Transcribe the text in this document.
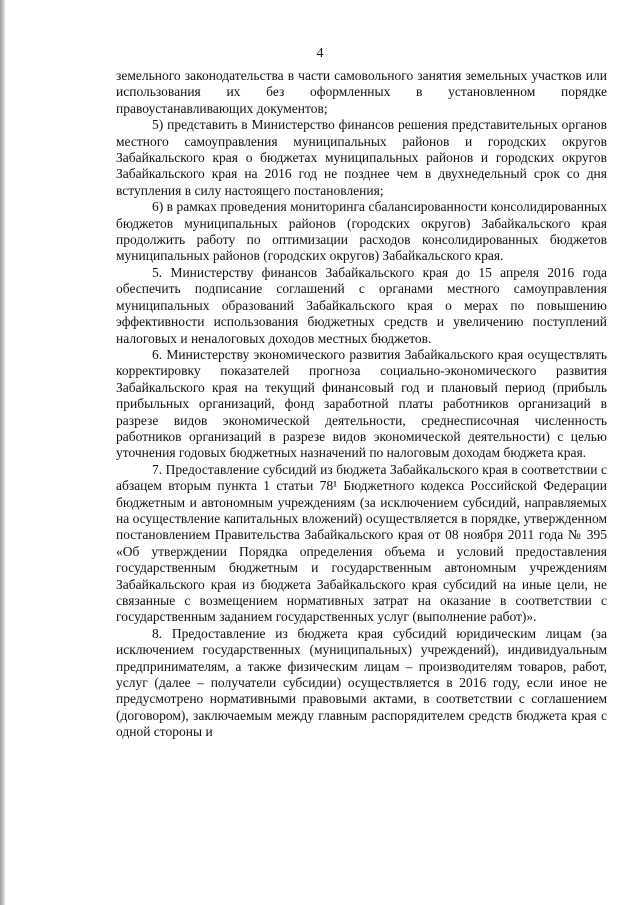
4

земельного законодательства в части самовольного занятия земельных участков или использования их без оформленных в установленном порядке правоустанавливающих документов;

5) представить в Министерство финансов решения представительных органов местного самоуправления муниципальных районов и городских округов Забайкальского края о бюджетах муниципальных районов и городских округов Забайкальского края на 2016 год не позднее чем в двухнедельный срок со дня вступления в силу настоящего постановления;

6) в рамках проведения мониторинга сбалансированности консолидированных бюджетов муниципальных районов (городских округов) Забайкальского края продолжить работу по оптимизации расходов консолидированных бюджетов муниципальных районов (городских округов) Забайкальского края.

5. Министерству финансов Забайкальского края до 15 апреля 2016 года обеспечить подписание соглашений с органами местного самоуправления муниципальных образований Забайкальского края о мерах по повышению эффективности использования бюджетных средств и увеличению поступлений налоговых и неналоговых доходов местных бюджетов.

6. Министерству экономического развития Забайкальского края осуществлять корректировку показателей прогноза социально-экономического развития Забайкальского края на текущий финансовый год и плановый период (прибыль прибыльных организаций, фонд заработной платы работников организаций в разрезе видов экономической деятельности, среднесписочная численность работников организаций в разрезе видов экономической деятельности) с целью уточнения годовых бюджетных назначений по налоговым доходам бюджета края.

7. Предоставление субсидий из бюджета Забайкальского края в соответствии с абзацем вторым пункта 1 статьи 78¹ Бюджетного кодекса Российской Федерации бюджетным и автономным учреждениям (за исключением субсидий, направляемых на осуществление капитальных вложений) осуществляется в порядке, утвержденном постановлением Правительства Забайкальского края от 08 ноября 2011 года № 395 «Об утверждении Порядка определения объема и условий предоставления государственным бюджетным и государственным автономным учреждениям Забайкальского края из бюджета Забайкальского края субсидий на иные цели, не связанные с возмещением нормативных затрат на оказание в соответствии с государственным заданием государственных услуг (выполнение работ)».

8. Предоставление из бюджета края субсидий юридическим лицам (за исключением государственных (муниципальных) учреждений), индивидуальным предпринимателям, а также физическим лицам – производителям товаров, работ, услуг (далее – получатели субсидии) осуществляется в 2016 году, если иное не предусмотрено нормативными правовыми актами, в соответствии с соглашением (договором), заключаемым между главным распорядителем средств бюджета края с одной стороны и
